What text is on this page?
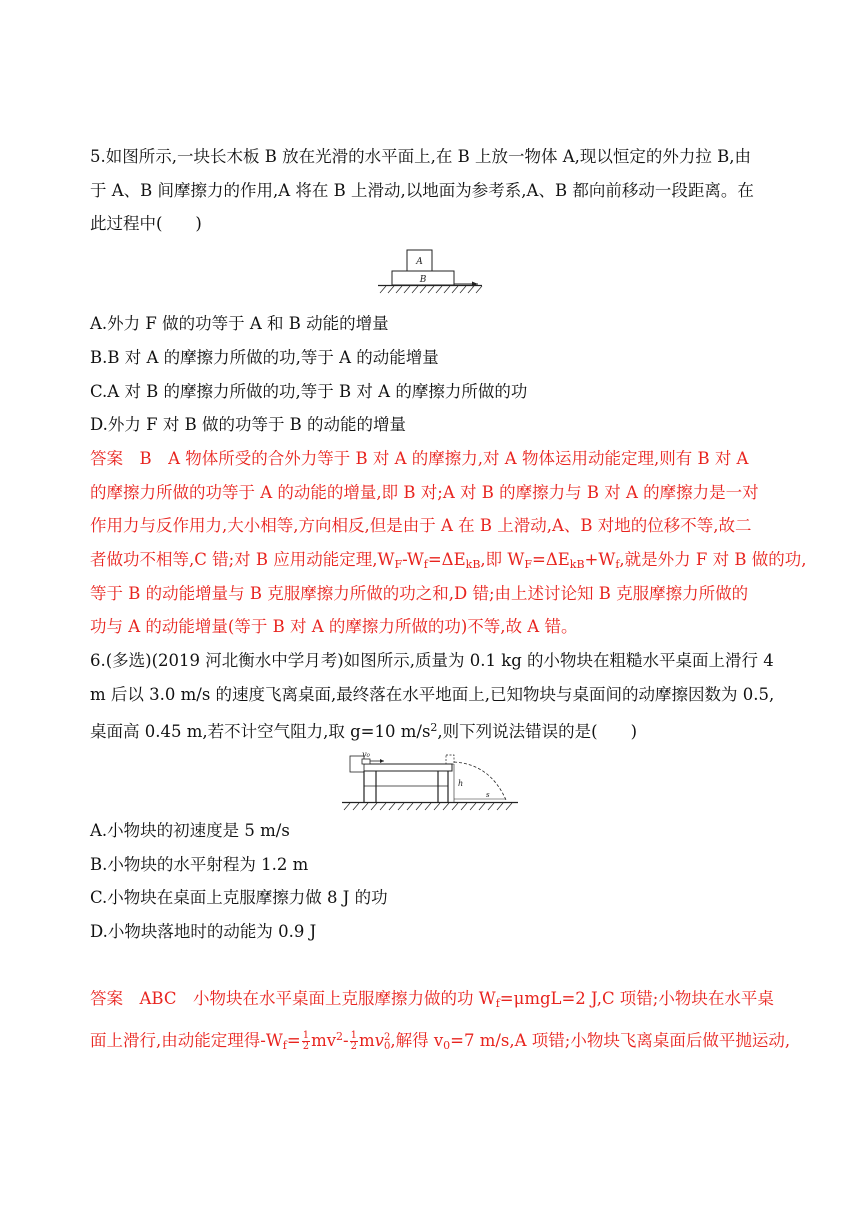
5.如图所示,一块长木板 B 放在光滑的水平面上,在 B 上放一物体 A,现以恒定的外力拉 B,由
于 A、B 间摩擦力的作用,A 将在 B 上滑动,以地面为参考系,A、B 都向前移动一段距离。在
此过程中(　　)
A
B
A.外力 F 做的功等于 A 和 B 动能的增量
B.B 对 A 的摩擦力所做的功,等于 A 的动能增量
C.A 对 B 的摩擦力所做的功,等于 B 对 A 的摩擦力所做的功
D.外力 F 对 B 做的功等于 B 的动能的增量
答案　B　A 物体所受的合外力等于 B 对 A 的摩擦力,对 A 物体运用动能定理,则有 B 对 A
的摩擦力所做的功等于 A 的动能的增量,即 B 对;A 对 B 的摩擦力与 B 对 A 的摩擦力是一对
作用力与反作用力,大小相等,方向相反,但是由于 A 在 B 上滑动,A、B 对地的位移不等,故二
者做功不相等,C 错;对 B 应用动能定理$,W_F-W_f=\Delta E_{kB}$,即 $W_F=\Delta E_{kB}+W_f$,就是外力 F 对 B 做的功,
等于 B 的动能增量与 B 克服摩擦力所做的功之和,D 错;由上述讨论知 B 克服摩擦力所做的
功与 A 的动能增量(等于 B 对 A 的摩擦力所做的功)不等,故 A 错。
6.(多选)(2019 河北衡水中学月考)如图所示,质量为 0.1 kg 的小物块在粗糙水平桌面上滑行 4
m 后以 3.0 m/s 的速度飞离桌面,最终落在水平地面上,已知物块与桌面间的动摩擦因数为 0.5,
桌面高 0.45 m,若不计空气阻力,取 g=10 $m/s^2$,则下列说法错误的是(　　)
v₀
h
s
A.小物块的初速度是 5 m/s
B.小物块的水平射程为 1.2 m
C.小物块在桌面上克服摩擦力做 8 J 的功
D.小物块落地时的动能为 0.9 J
答案　ABC　小物块在水平桌面上克服摩擦力做的功 $W_f=\mu mgL=2$ J,C 项错;小物块在水平桌
面上滑行,由动能定理得$-W_f= \frac{1}{2} mv^2- \frac{1}{2}$ mv 2
0 ,解得 $v_0=7$ m/s,A 项错;小物块飞离桌面后做平抛运动,
